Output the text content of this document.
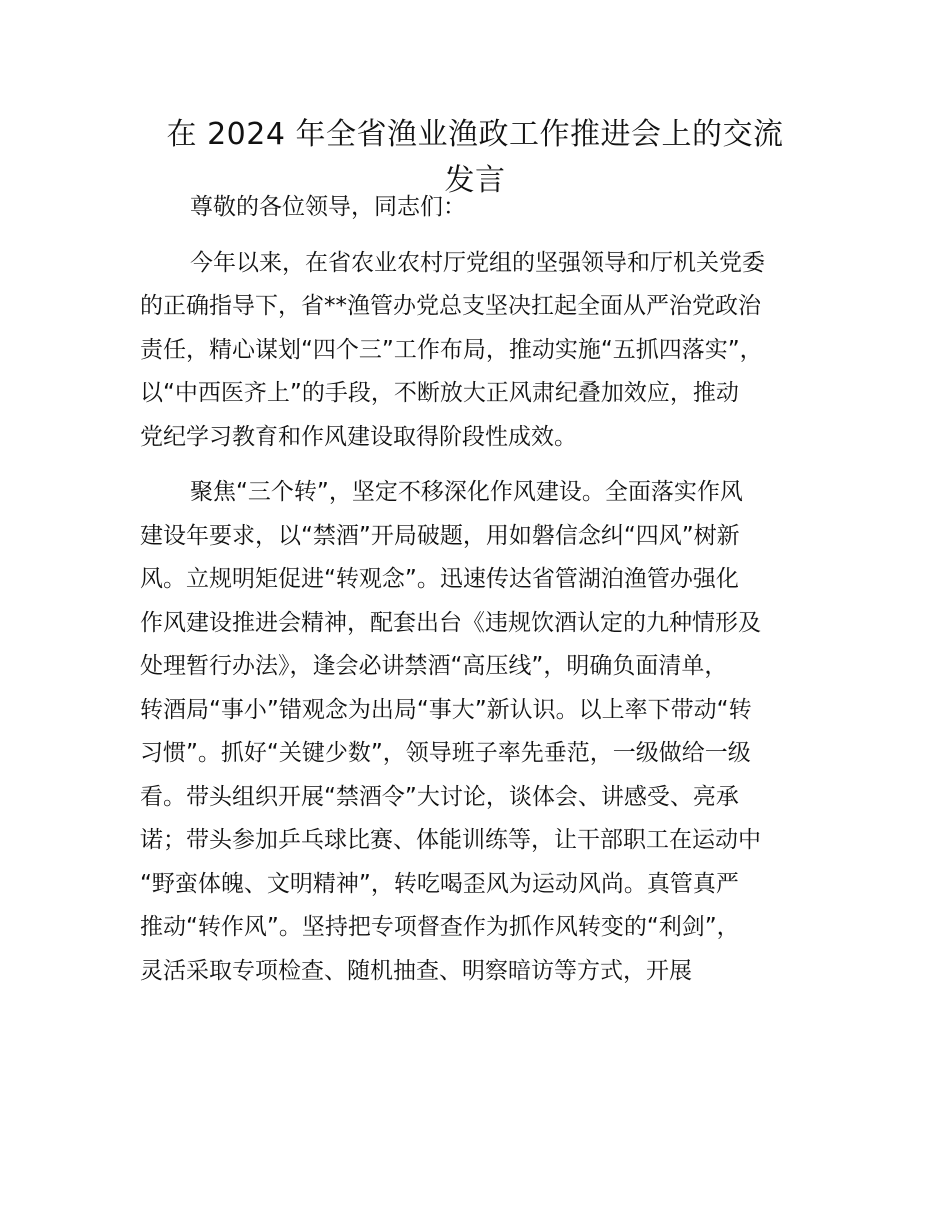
在 2024 年全省渔业渔政工作推进会上的交流
发言

尊敬的各位领导，同志们：

今年以来，在省农业农村厅党组的坚强领导和厅机关党委
的正确指导下，省**渔管办党总支坚决扛起全面从严治党政治
责任，精心谋划“四个三”工作布局，推动实施“五抓四落实”，
以“中西医齐上”的手段，不断放大正风肃纪叠加效应，推动
党纪学习教育和作风建设取得阶段性成效。

聚焦“三个转”，坚定不移深化作风建设。全面落实作风
建设年要求，以“禁酒”开局破题，用如磐信念纠“四风”树新
风。立规明矩促进“转观念”。迅速传达省管湖泊渔管办强化
作风建设推进会精神，配套出台《违规饮酒认定的九种情形及
处理暂行办法》，逢会必讲禁酒“高压线”，明确负面清单，
转酒局“事小”错观念为出局“事大”新认识。以上率下带动“转
习惯”。抓好“关键少数”，领导班子率先垂范，一级做给一级
看。带头组织开展“禁酒令”大讨论，谈体会、讲感受、亮承
诺；带头参加乒乓球比赛、体能训练等，让干部职工在运动中
“野蛮体魄、文明精神”，转吃喝歪风为运动风尚。真管真严
推动“转作风”。坚持把专项督查作为抓作风转变的“利剑”，
灵活采取专项检查、随机抽查、明察暗访等方式，开展
